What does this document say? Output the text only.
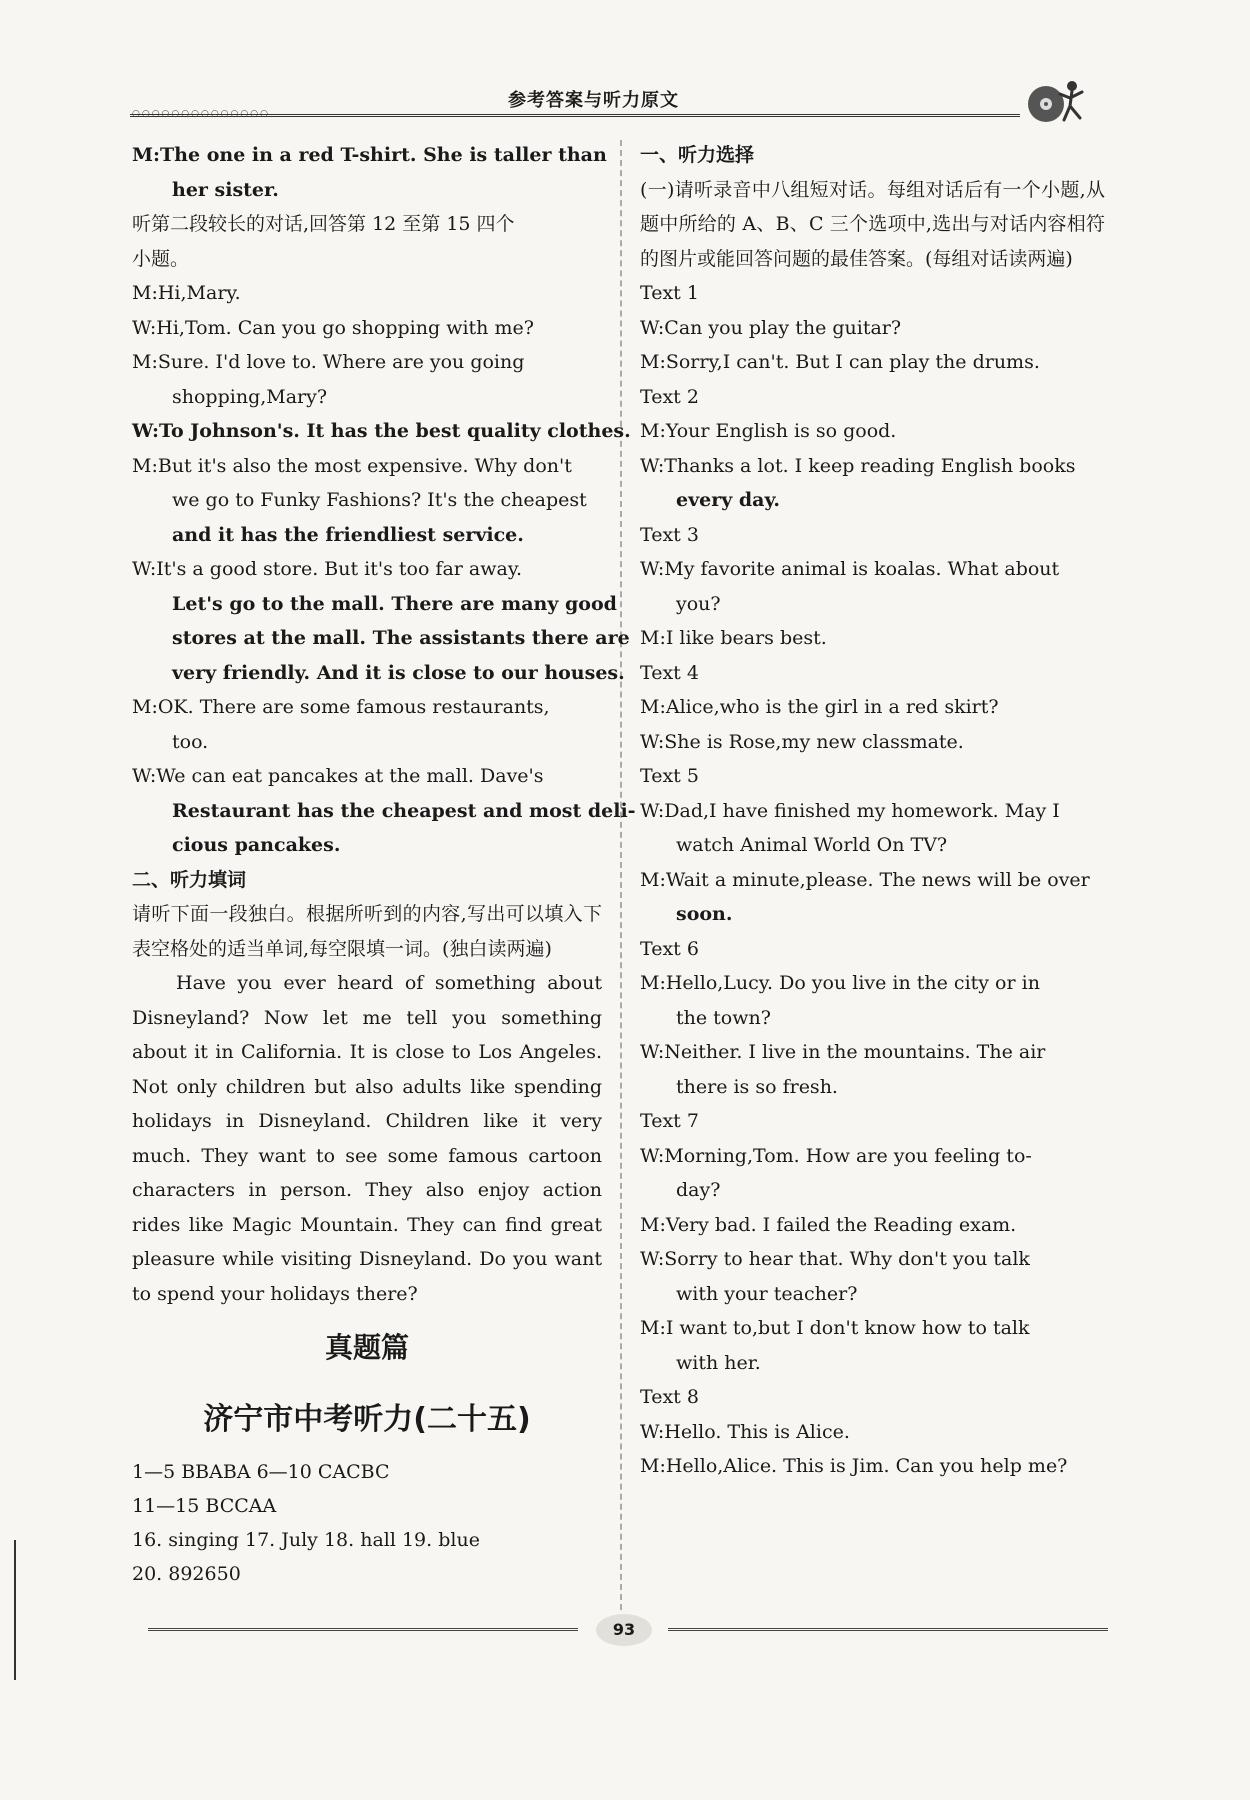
参考答案与听力原文
○○○○○○○○○○○○○○
M:The one in a red T-shirt. She is taller than
her sister.
听第二段较长的对话,回答第 12 至第 15 四个
小题。
M:Hi,Mary.
W:Hi,Tom. Can you go shopping with me?
M:Sure. I'd love to. Where are you going
shopping,Mary?
W:To Johnson's. It has the best quality clothes.
M:But it's also the most expensive. Why don't
we go to Funky Fashions? It's the cheapest
and it has the friendliest service.
W:It's a good store. But it's too far away.
Let's go to the mall. There are many good
stores at the mall. The assistants there are
very friendly. And it is close to our houses.
M:OK. There are some famous restaurants,
too.
W:We can eat pancakes at the mall. Dave's
Restaurant has the cheapest and most deli-
cious pancakes.
二、听力填词
请听下面一段独白。根据所听到的内容,写出可以填入下表空格处的适当单词,每空限填一词。(独白读两遍)
Have you ever heard of something about Disneyland? Now let me tell you something about it in California. It is close to Los Angeles. Not only children but also adults like spending holidays in Disneyland. Children like it very much. They want to see some famous cartoon characters in person. They also enjoy action rides like Magic Mountain. They can find great pleasure while visiting Disneyland. Do you want to spend your holidays there?
真题篇
济宁市中考听力(二十五)
1—5 BBABA 6—10 CACBC
11—15 BCCAA
16. singing 17. July 18. hall 19. blue
20. 892650
一、听力选择
(一)请听录音中八组短对话。每组对话后有一个小题,从题中所给的 A、B、C 三个选项中,选出与对话内容相符的图片或能回答问题的最佳答案。(每组对话读两遍)
Text 1
W:Can you play the guitar?
M:Sorry,I can't. But I can play the drums.
Text 2
M:Your English is so good.
W:Thanks a lot. I keep reading English books
every day.
Text 3
W:My favorite animal is koalas. What about
you?
M:I like bears best.
Text 4
M:Alice,who is the girl in a red skirt?
W:She is Rose,my new classmate.
Text 5
W:Dad,I have finished my homework. May I
watch Animal World On TV?
M:Wait a minute,please. The news will be over
soon.
Text 6
M:Hello,Lucy. Do you live in the city or in
the town?
W:Neither. I live in the mountains. The air
there is so fresh.
Text 7
W:Morning,Tom. How are you feeling to-
day?
M:Very bad. I failed the Reading exam.
W:Sorry to hear that. Why don't you talk
with your teacher?
M:I want to,but I don't know how to talk
with her.
Text 8
W:Hello. This is Alice.
M:Hello,Alice. This is Jim. Can you help me?
93
